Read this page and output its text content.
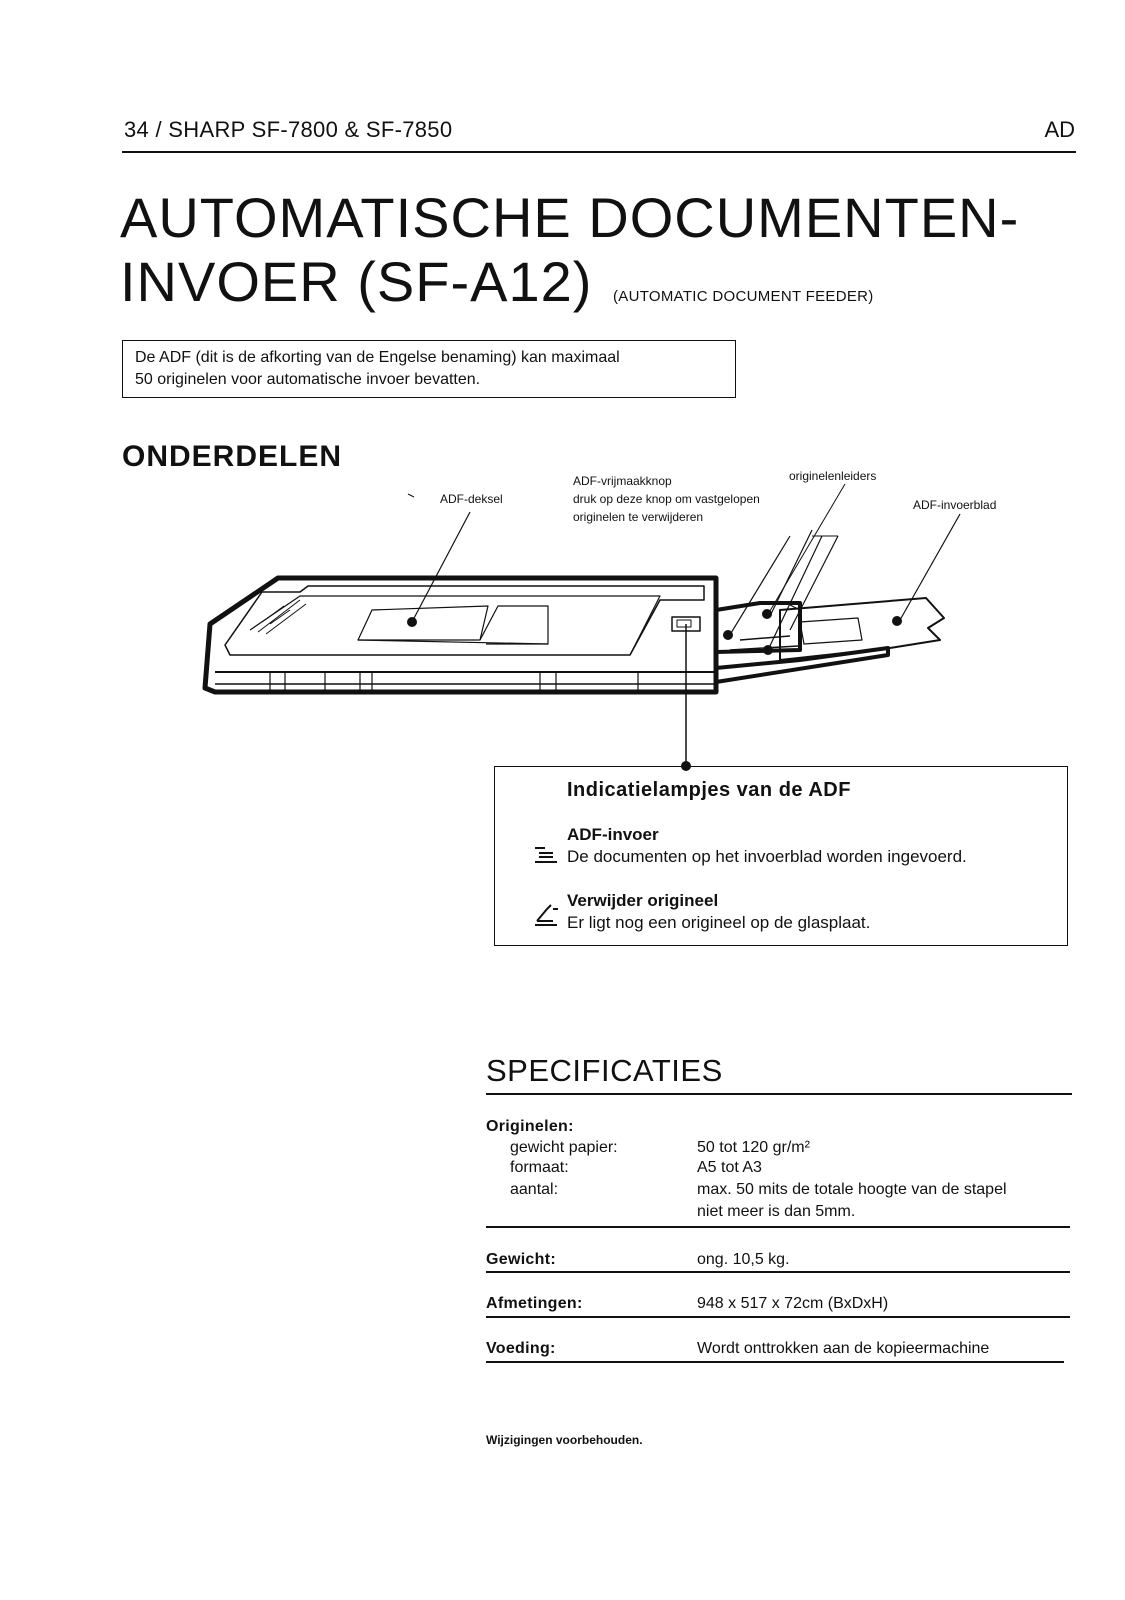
34 / SHARP SF-7800 & SF-7850	AD
AUTOMATISCHE DOCUMENTEN-
INVOER (SF-A12) (AUTOMATIC DOCUMENT FEEDER)
De ADF (dit is de afkorting van de Engelse benaming) kan maximaal
50 originelen voor automatische invoer bevatten.
ONDERDELEN
ADF-deksel
ADF-vrijmaakknop
druk op deze knop om vastgelopen
originelen te verwijderen
originelenleiders
ADF-invoerblad
Indicatielampjes van de ADF
ADF-invoer
De documenten op het invoerblad worden ingevoerd.
Verwijder origineel
Er ligt nog een origineel op de glasplaat.
SPECIFICATIES
Originelen:
gewicht papier:	50 tot 120 gr/m²
formaat:	A5 tot A3
aantal:	max. 50 mits de totale hoogte van de stapel
niet meer is dan 5mm.
Gewicht:	ong. 10,5 kg.
Afmetingen:	948 x 517 x 72cm (BxDxH)
Voeding:	Wordt onttrokken aan de kopieermachine
Wijzigingen voorbehouden.
